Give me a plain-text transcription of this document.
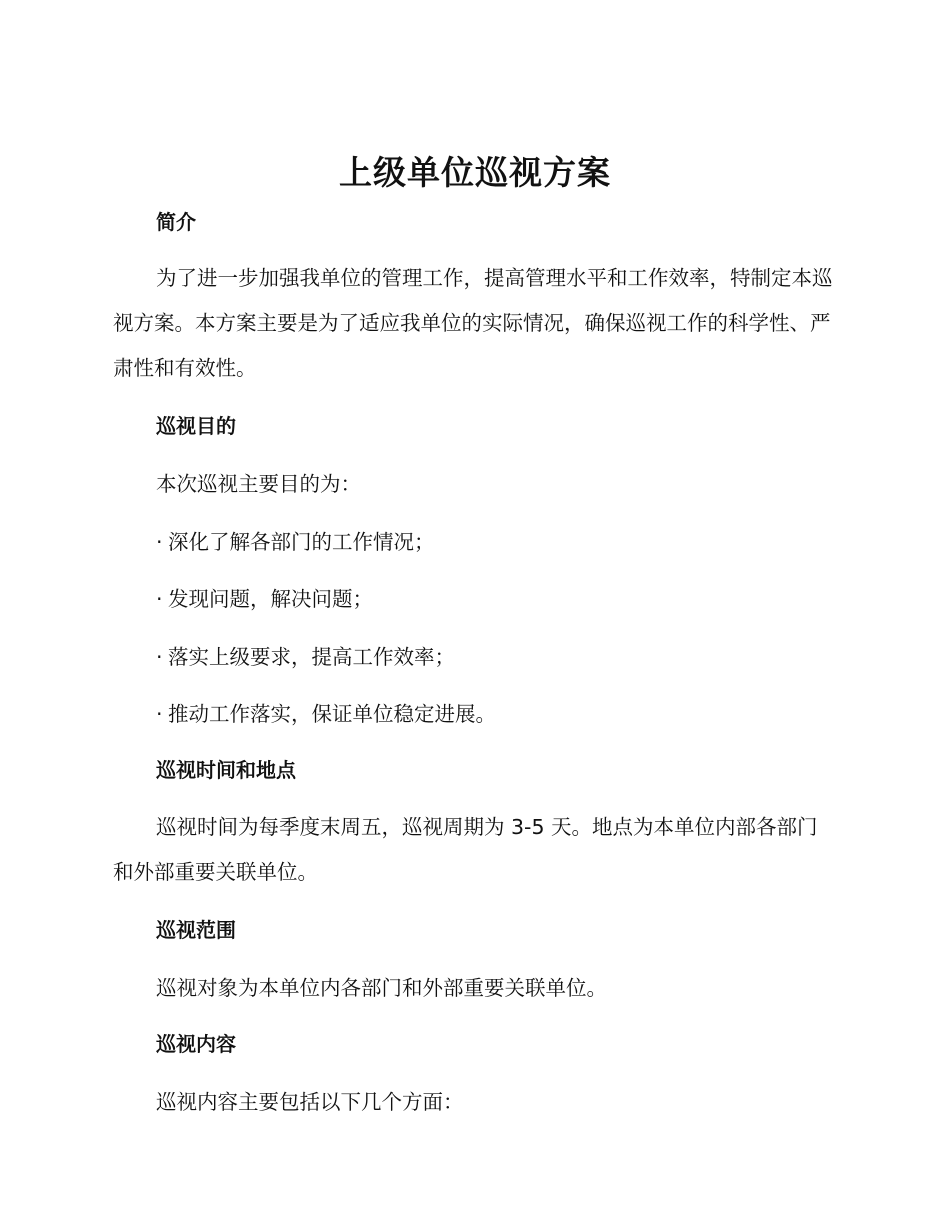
上级单位巡视方案
简介

为了进一步加强我单位的管理工作，提高管理水平和工作效率，特制定本巡视方案。本方案主要是为了适应我单位的实际情况，确保巡视工作的科学性、严肃性和有效性。

巡视目的
本次巡视主要目的为：
· 深化了解各部门的工作情况；
· 发现问题，解决问题；
· 落实上级要求，提高工作效率；
· 推动工作落实，保证单位稳定进展。
巡视时间和地点

巡视时间为每季度末周五，巡视周期为 3-5 天。地点为本单位内部各部门和外部重要关联单位。

巡视范围
巡视对象为本单位内各部门和外部重要关联单位。
巡视内容
巡视内容主要包括以下几个方面：
